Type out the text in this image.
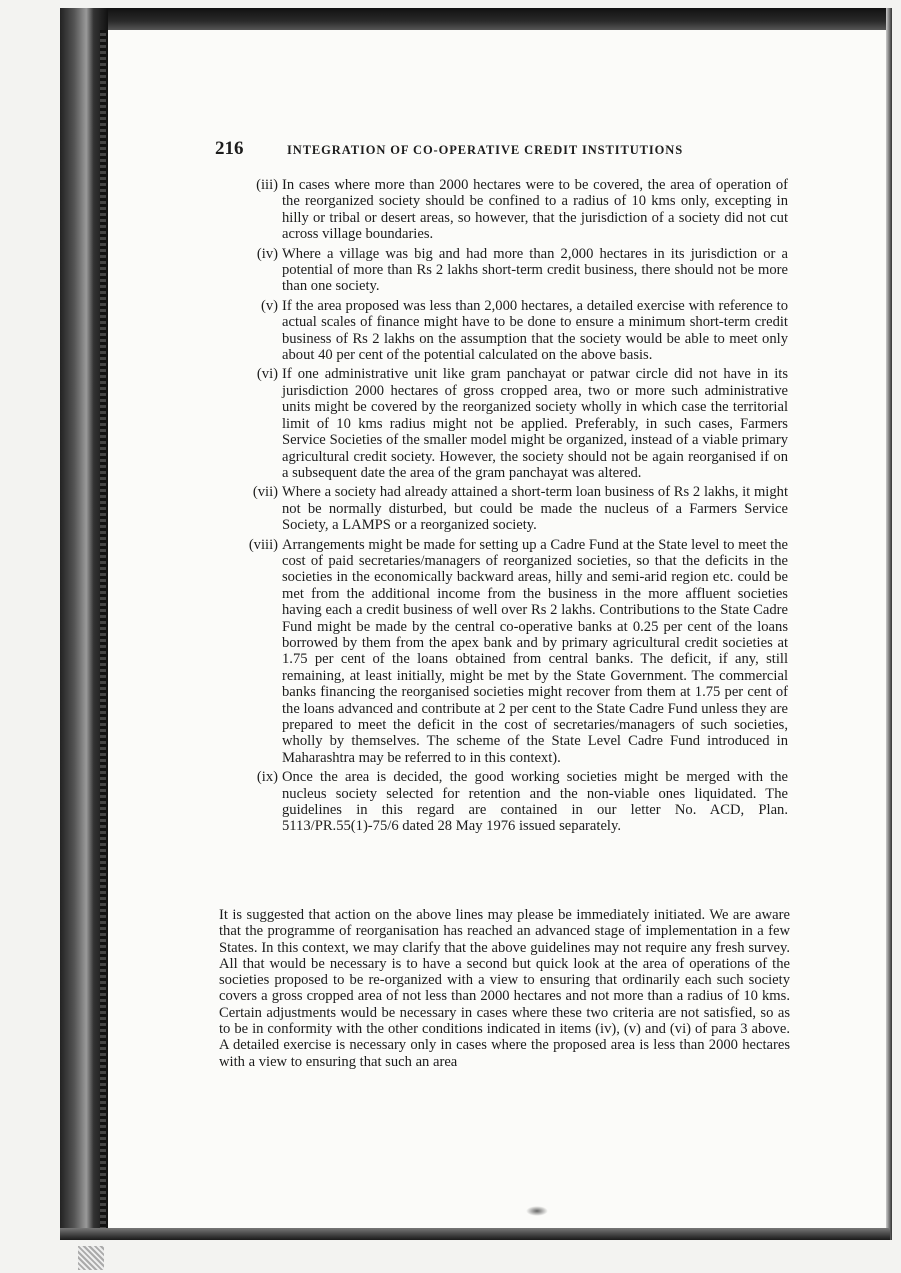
216	INTEGRATION OF CO-OPERATIVE CREDIT INSTITUTIONS
(iii) In cases where more than 2000 hectares were to be covered, the area of operation of the reorganized society should be confined to a radius of 10 kms only, excepting in hilly or tribal or desert areas, so however, that the jurisdiction of a society did not cut across village boundaries.
(iv) Where a village was big and had more than 2,000 hectares in its jurisdiction or a potential of more than Rs 2 lakhs short-term credit business, there should not be more than one society.
(v) If the area proposed was less than 2,000 hectares, a detailed exercise with reference to actual scales of finance might have to be done to ensure a minimum short-term credit business of Rs 2 lakhs on the assumption that the society would be able to meet only about 40 per cent of the potential calculated on the above basis.
(vi) If one administrative unit like gram panchayat or patwar circle did not have in its jurisdiction 2000 hectares of gross cropped area, two or more such administrative units might be covered by the reorganized society wholly in which case the territorial limit of 10 kms radius might not be applied. Preferably, in such cases, Farmers Service Societies of the smaller model might be organized, instead of a viable primary agricultural credit society. However, the society should not be again reorganised if on a subsequent date the area of the gram panchayat was altered.
(vii) Where a society had already attained a short-term loan business of Rs 2 lakhs, it might not be normally disturbed, but could be made the nucleus of a Farmers Service Society, a LAMPS or a reorganized society.
(viii) Arrangements might be made for setting up a Cadre Fund at the State level to meet the cost of paid secretaries/managers of reorganized societies, so that the deficits in the societies in the economically backward areas, hilly and semi-arid region etc. could be met from the additional income from the business in the more affluent societies having each a credit business of well over Rs 2 lakhs. Contributions to the State Cadre Fund might be made by the central co-operative banks at 0.25 per cent of the loans borrowed by them from the apex bank and by primary agricultural credit societies at 1.75 per cent of the loans obtained from central banks. The deficit, if any, still remaining, at least initially, might be met by the State Government. The commercial banks financing the reorganised societies might recover from them at 1.75 per cent of the loans advanced and contribute at 2 per cent to the State Cadre Fund unless they are prepared to meet the deficit in the cost of secretaries/managers of such societies, wholly by themselves. The scheme of the State Level Cadre Fund introduced in Maharashtra may be referred to in this context).
(ix) Once the area is decided, the good working societies might be merged with the nucleus society selected for retention and the non-viable ones liquidated. The guidelines in this regard are contained in our letter No. ACD, Plan. 5113/PR.55(1)-75/6 dated 28 May 1976 issued separately.

It is suggested that action on the above lines may please be immediately initiated. We are aware that the programme of reorganisation has reached an advanced stage of implementation in a few States. In this context, we may clarify that the above guidelines may not require any fresh survey. All that would be necessary is to have a second but quick look at the area of operations of the societies proposed to be re-organized with a view to ensuring that ordinarily each such society covers a gross cropped area of not less than 2000 hectares and not more than a radius of 10 kms. Certain adjustments would be necessary in cases where these two criteria are not satisfied, so as to be in conformity with the other conditions indicated in items (iv), (v) and (vi) of para 3 above. A detailed exercise is necessary only in cases where the proposed area is less than 2000 hectares with a view to ensuring that such an area
